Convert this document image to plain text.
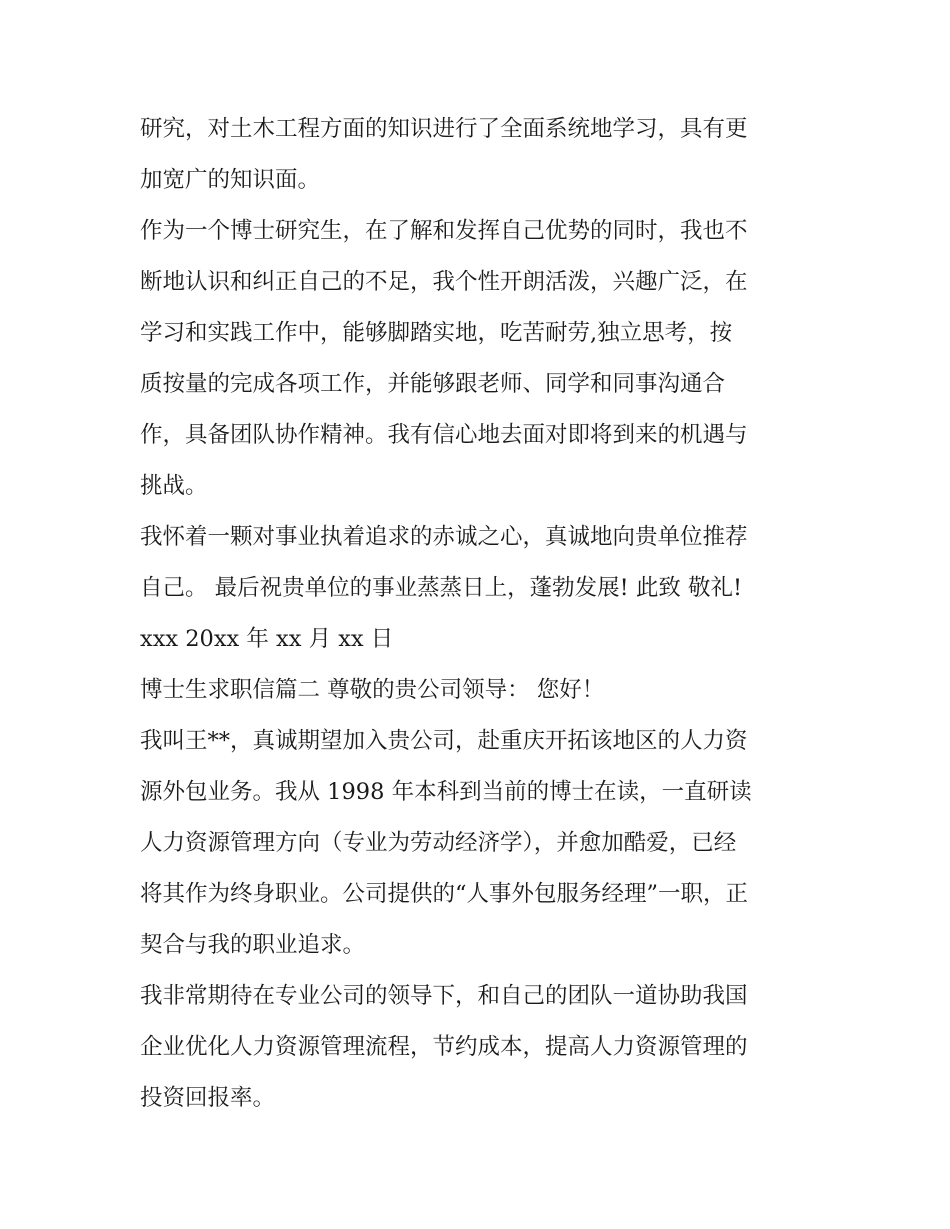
研究，对土木工程方面的知识进行了全面系统地学习，具有更
加宽广的知识面。
作为一个博士研究生，在了解和发挥自己优势的同时，我也不
断地认识和纠正自己的不足，我个性开朗活泼，兴趣广泛，在
学习和实践工作中，能够脚踏实地，吃苦耐劳,独立思考，按
质按量的完成各项工作，并能够跟老师、同学和同事沟通合
作，具备团队协作精神。我有信心地去面对即将到来的机遇与
挑战。
我怀着一颗对事业执着追求的赤诚之心，真诚地向贵单位推荐
自己。 最后祝贵单位的事业蒸蒸日上，蓬勃发展! 此致 敬礼!
xxx 20xx 年 xx 月 xx 日
博士生求职信篇二 尊敬的贵公司领导： 您好！
我叫王**，真诚期望加入贵公司，赴重庆开拓该地区的人力资
源外包业务。我从 1998 年本科到当前的博士在读，一直研读
人力资源管理方向（专业为劳动经济学），并愈加酷爱，已经
将其作为终身职业。公司提供的“人事外包服务经理”一职，正
契合与我的职业追求。
我非常期待在专业公司的领导下，和自己的团队一道协助我国
企业优化人力资源管理流程，节约成本，提高人力资源管理的
投资回报率。
